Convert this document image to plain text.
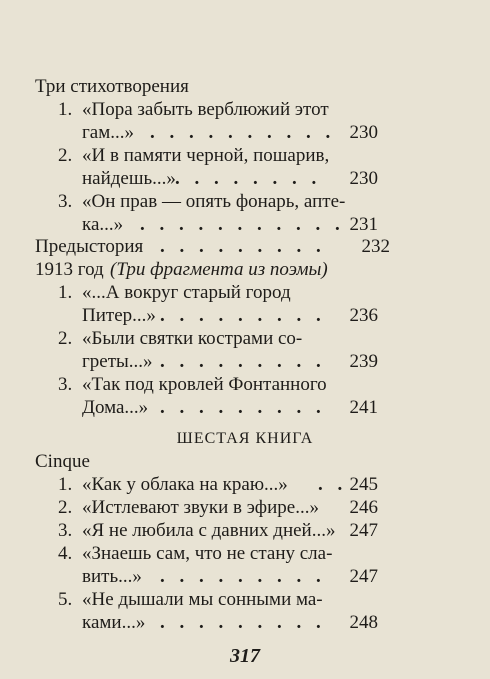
Три стихотворения
1. «Пора забыть верблюжий этот
гам...» . . . . . . . . . . 230
2. «И в памяти черной, пошарив,
найдешь...» . . . . . . . . 230
3. «Он прав — опять фонарь, апте-
ка...» . . . . . . . . . . . 231
Предыстория . . . . . . . . . 232
1913 год (Три фрагмента из поэмы)
1. «...А вокруг старый город
Питер...» . . . . . . . . . 236
2. «Были святки кострами со-
греты...» . . . . . . . . . 239
3. «Так под кровлей Фонтанного
Дома...» . . . . . . . . . 241
ШЕСТАЯ КНИГА
Cinque
1. «Как у облака на краю...» . . 245
2. «Истлевают звуки в эфире...» 246
3. «Я не любила с давних дней...» 247
4. «Знаешь сам, что не стану сла-
вить...» . . . . . . . . . 247
5. «Не дышали мы сонными ма-
ками...» . . . . . . . . . 248
317
